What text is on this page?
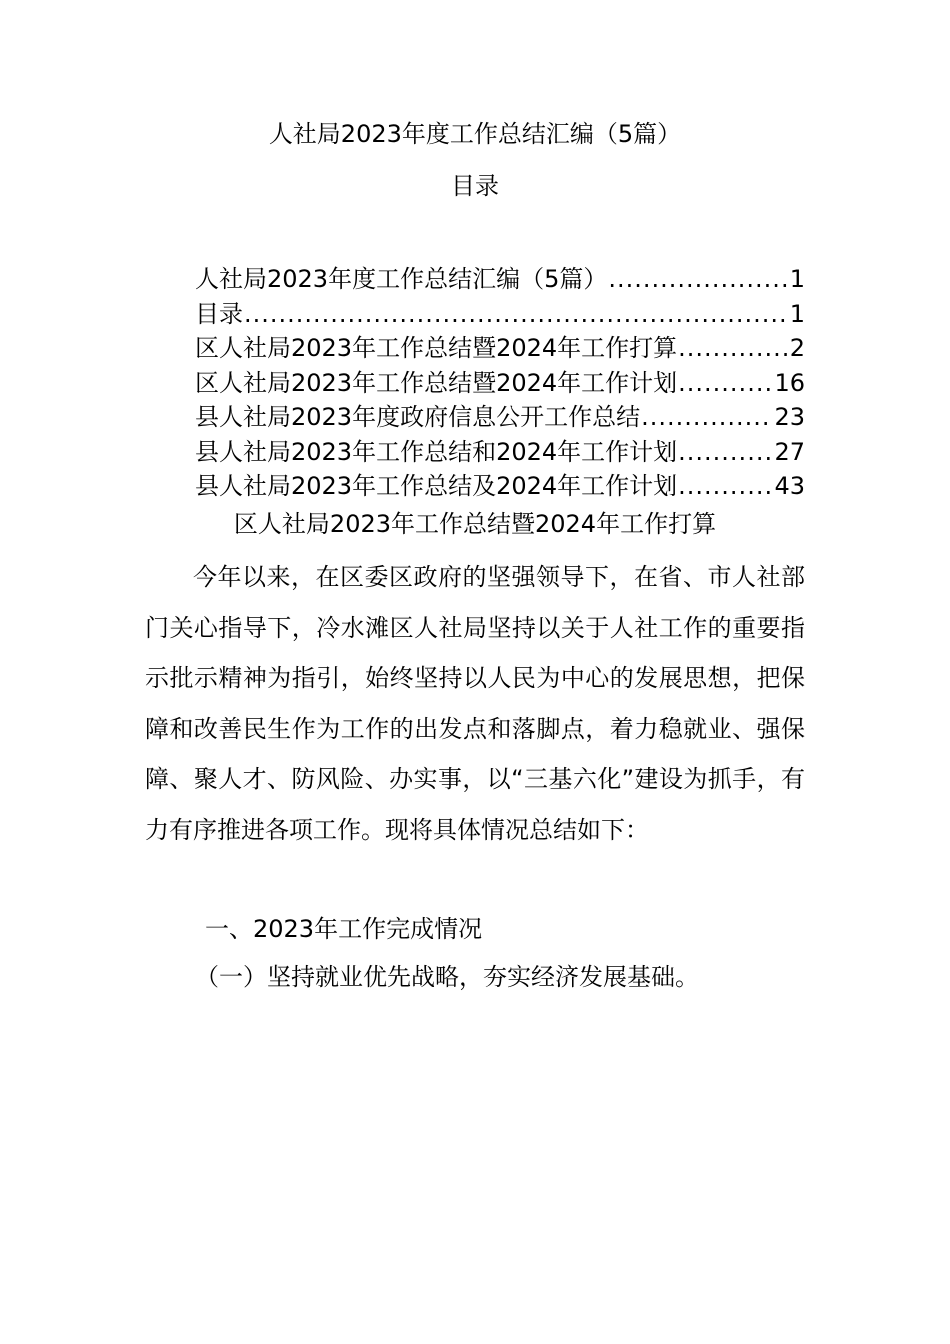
人社局2023年度工作总结汇编（5篇）
目录
人社局2023年度工作总结汇编（5篇） .....	1
目录 .....	1
区人社局2023年工作总结暨2024年工作打算 .....	2
区人社局2023年工作总结暨2024年工作计划 .....	16
县人社局2023年度政府信息公开工作总结 .....	23
县人社局2023年工作总结和2024年工作计划 .....	27
县人社局2023年工作总结及2024年工作计划 .....	43
区人社局2023年工作总结暨2024年工作打算
今年以来，在区委区政府的坚强领导下，在省、市人社部门关心指导下，冷水滩区人社局坚持以关于人社工作的重要指示批示精神为指引，始终坚持以人民为中心的发展思想，把保障和改善民生作为工作的出发点和落脚点，着力稳就业、强保障、聚人才、防风险、办实事，以“三基六化”建设为抓手，有力有序推进各项工作。现将具体情况总结如下：
一、2023年工作完成情况
（一）坚持就业优先战略，夯实经济发展基础。
